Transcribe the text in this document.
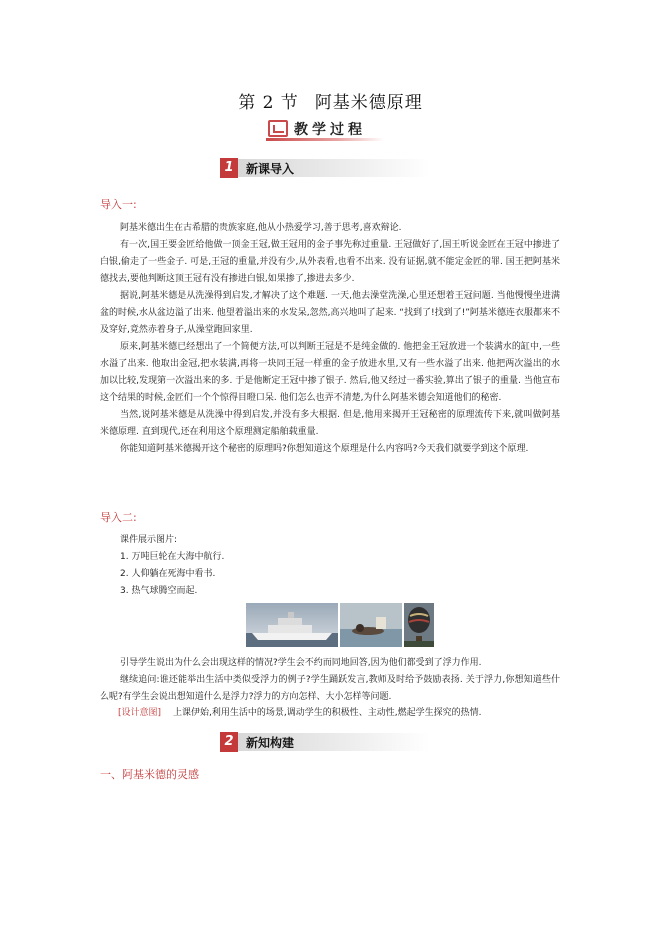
第 2 节 阿基米德原理
教学过程
1	新课导入
导入一:

阿基米德出生在古希腊的贵族家庭,他从小热爱学习,善于思考,喜欢辩论.

有一次,国王要金匠给他做一顶金王冠,做王冠用的金子事先称过重量. 王冠做好了,国王听说金匠在王冠中掺进了白银,偷走了一些金子. 可是,王冠的重量,并没有少,从外表看,也看不出来. 没有证据,就不能定金匠的罪. 国王把阿基米德找去,要他判断这顶王冠有没有掺进白银,如果掺了,掺进去多少.

据说,阿基米德是从洗澡得到启发,才解决了这个难题. 一天,他去澡堂洗澡,心里还想着王冠问题. 当他慢慢坐进满盆的时候,水从盆边溢了出来. 他望着溢出来的水发呆,忽然,高兴地叫了起来. “找到了!找到了!”阿基米德连衣服都来不及穿好,竟然赤着身子,从澡堂跑回家里.

原来,阿基米德已经想出了一个简便方法,可以判断王冠是不是纯金做的. 他把金王冠放进一个装满水的缸中,一些水溢了出来. 他取出金冠,把水装满,再将一块同王冠一样重的金子放进水里,又有一些水溢了出来. 他把两次溢出的水加以比较,发现第一次溢出来的多. 于是他断定王冠中掺了银子. 然后,他又经过一番实验,算出了银子的重量. 当他宣布这个结果的时候,金匠们一个个惊得目瞪口呆. 他们怎么也弄不清楚,为什么阿基米德会知道他们的秘密.

当然,说阿基米德是从洗澡中得到启发,并没有多大根据. 但是,他用来揭开王冠秘密的原理流传下来,就叫做阿基米德原理. 直到现代,还在利用这个原理测定船舶载重量.

你能知道阿基米德揭开这个秘密的原理吗?你想知道这个原理是什么内容吗?今天我们就要学到这个原理.

导入二:
课件展示图片:
1. 万吨巨轮在大海中航行.
2. 人仰躺在死海中看书.
3. 热气球腾空而起.

引导学生说出为什么会出现这样的情况?学生会不约而同地回答,因为他们都受到了浮力作用.

继续追问:谁还能举出生活中类似受浮力的例子?学生踊跃发言,教师及时给予鼓励表扬. 关于浮力,你想知道些什么呢?有学生会说出想知道什么是浮力?浮力的方向怎样、大小怎样等问题.

[设计意图] 上课伊始,利用生活中的场景,调动学生的积极性、主动性,燃起学生探究的热情.
2	新知构建
一、阿基米德的灵感
